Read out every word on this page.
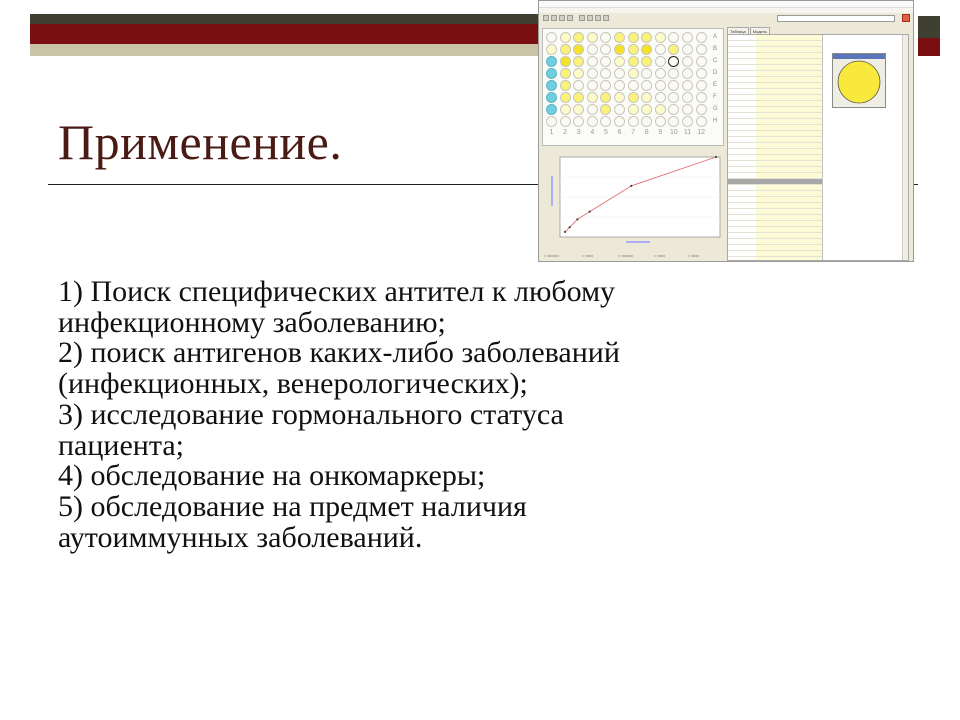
Применение.
1) Поиск специфических антител к любому
инфекционному заболеванию;
2) поиск антигенов каких-либо заболеваний
(инфекционных, венерологических);
3) исследование гормонального статуса
пациента;
4) обследование на онкомаркеры;
5) обследование на предмет наличия
аутоиммунных заболеваний.
A
B
C
D
E
F
G
H
1	2	3	4	5	6	7	8	9	10 11 12
○ ▭▭▭	○ ▭▭	○ ▭▭▭	○ ▭▭	○ ▭▭
Таблица Модель
